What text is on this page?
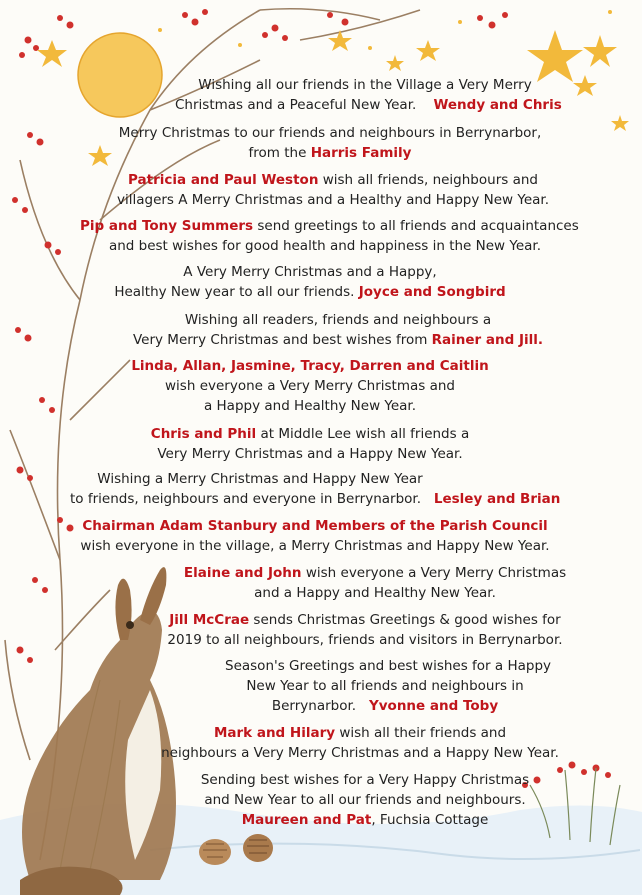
Wishing all our friends in the Village a Very Merry
Christmas and a Peaceful New Year. Wendy and Chris
Merry Christmas to our friends and neighbours in Berrynarbor,
from the Harris Family
Patricia and Paul Weston wish all friends, neighbours and
villagers A Merry Christmas and a Healthy and Happy New Year.
Pip and Tony Summers send greetings to all friends and acquaintances
and best wishes for good health and happiness in the New Year.
A Very Merry Christmas and a Happy,
Healthy New year to all our friends. Joyce and Songbird
Wishing all readers, friends and neighbours a
Very Merry Christmas and best wishes from Rainer and Jill.
Linda, Allan, Jasmine, Tracy, Darren and Caitlin
wish everyone a Very Merry Christmas and
a Happy and Healthy New Year.
Chris and Phil at Middle Lee wish all friends a
Very Merry Christmas and a Happy New Year.
Wishing a Merry Christmas and Happy New Year
to friends, neighbours and everyone in Berrynarbor. Lesley and Brian
Chairman Adam Stanbury and Members of the Parish Council
wish everyone in the village, a Merry Christmas and Happy New Year.
Elaine and John wish everyone a Very Merry Christmas
and a Happy and Healthy New Year.
Jill McCrae sends Christmas Greetings & good wishes for
2019 to all neighbours, friends and visitors in Berrynarbor.
Season's Greetings and best wishes for a Happy
New Year to all friends and neighbours in
Berrynarbor. Yvonne and Toby
Mark and Hilary wish all their friends and
neighbours a Very Merry Christmas and a Happy New Year.
Sending best wishes for a Very Happy Christmas
and New Year to all our friends and neighbours.
Maureen and Pat, Fuchsia Cottage
